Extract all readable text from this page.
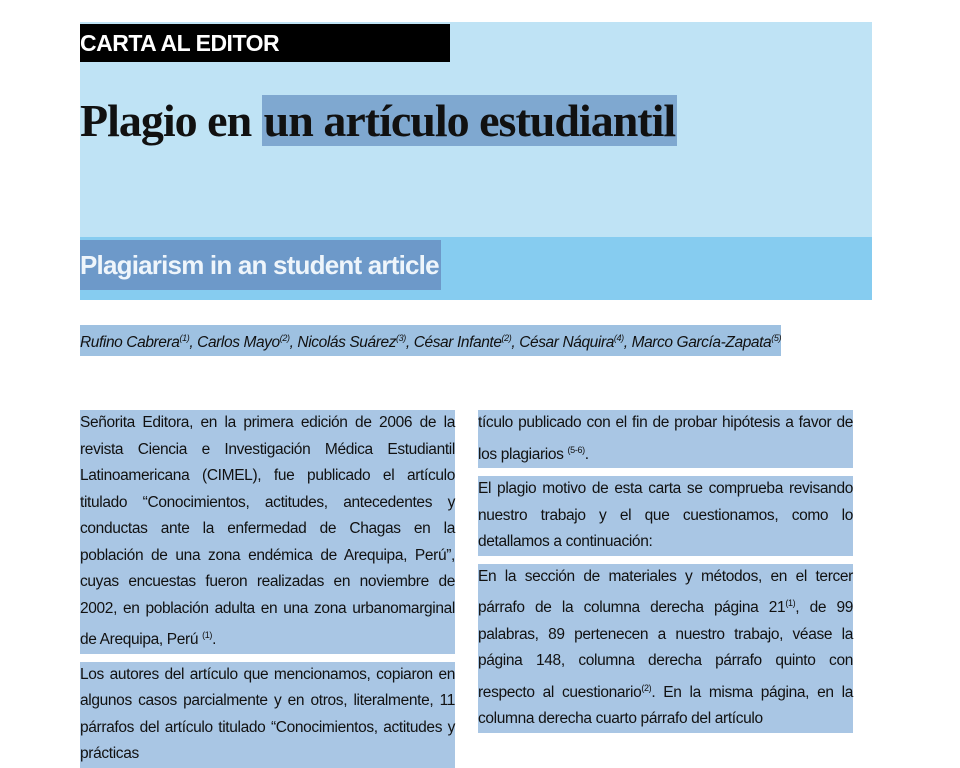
CARTA AL EDITOR
Plagio en un artículo estudiantil
Plagiarism in an student article
Rufino Cabrera$^{(1)}$, Carlos Mayo$^{(2)}$, Nicolás Suárez$^{(3)}$, César Infante$^{(2)}$, César Náquira$^{(4)}$, Marco García-Zapata$^{(5)}$

Señorita Editora, en la primera edición de 2006 de la revista Ciencia e Investigación Médica Estudiantil Latinoamericana (CIMEL), fue publicado el artículo titulado “Conocimientos, actitudes, antecedentes y conductas ante la enfermedad de Chagas en la población de una zona endémica de Arequipa, Perú”, cuyas encuestas fueron realizadas en noviembre de 2002, en población adulta en una zona urbanomarginal de Arequipa, Perú $^{(1)}$.

Los autores del artículo que mencionamos, copiaron en algunos casos parcialmente y en otros, literalmente, 11 párrafos del artículo titulado “Conocimientos, actitudes y prácticas

tículo publicado con el fin de probar hipótesis a favor de los plagiarios $^{(5-6)}$.

El plagio motivo de esta carta se comprueba revisando nuestro trabajo y el que cuestionamos, como lo detallamos a continuación:

En la sección de materiales y métodos, en el tercer párrafo de la columna derecha página 21$^{(1)}$, de 99 palabras, 89 pertenecen a nuestro trabajo, véase la página 148, columna derecha párrafo quinto con respecto al cuestionario$^{(2)}$. En la misma página, en la columna derecha cuarto párrafo del artículo
